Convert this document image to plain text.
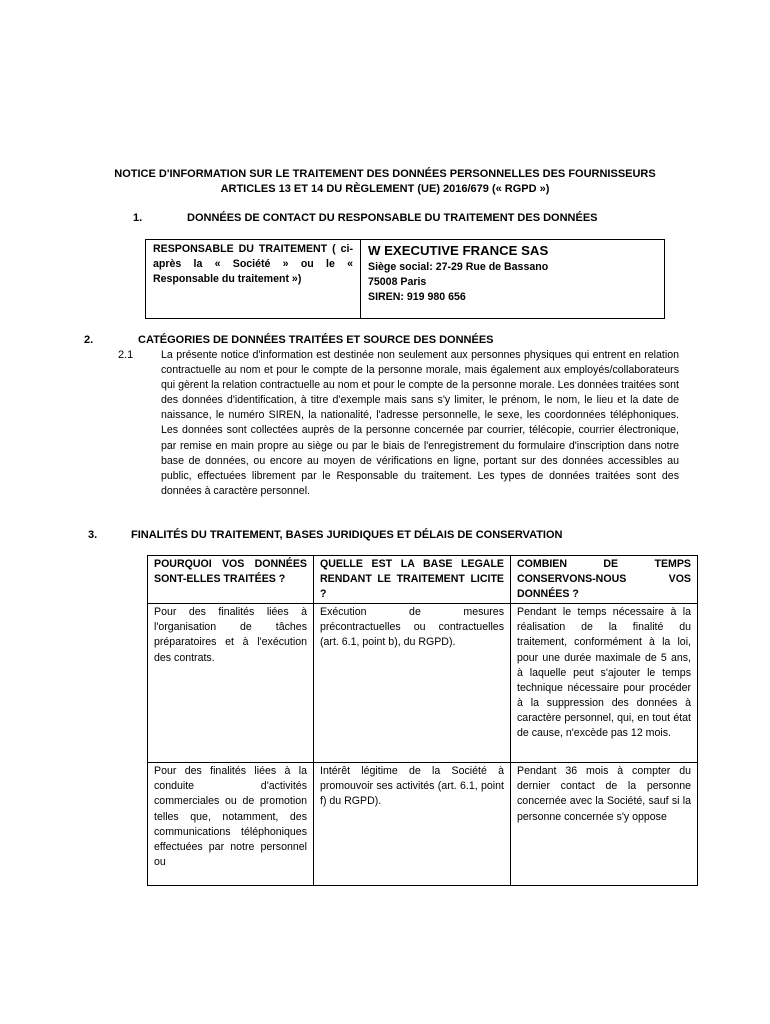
NOTICE D'INFORMATION SUR LE TRAITEMENT DES DONNÉES PERSONNELLES DES FOURNISSEURS
ARTICLES 13 ET 14 DU RÈGLEMENT (UE) 2016/679 (« RGPD »)
1.	DONNÉES DE CONTACT DU RESPONSABLE DU TRAITEMENT DES DONNÉES
RESPONSABLE DU TRAITEMENT ( ci-après la « Société » ou le « Responsable du traitement »)	
W EXECUTIVE FRANCE SAS
Siège social: 27-29 Rue de Bassano
75008 Paris
SIREN: 919 980 656
2.	CATÉGORIES DE DONNÉES TRAITÉES ET SOURCE DES DONNÉES
2.1	La présente notice d'information est destinée non seulement aux personnes physiques qui entrent en relation contractuelle au nom et pour le compte de la personne morale, mais également aux employés/collaborateurs qui gèrent la relation contractuelle au nom et pour le compte de la personne morale. Les données traitées sont des données d'identification, à titre d'exemple mais sans s'y limiter, le prénom, le nom, le lieu et la date de naissance, le numéro SIREN, la nationalité, l'adresse personnelle, le sexe, les coordonnées téléphoniques. Les données sont collectées auprès de la personne concernée par courrier, télécopie, courrier électronique, par remise en main propre au siège ou par le biais de l'enregistrement du formulaire d'inscription dans notre base de données, ou encore au moyen de vérifications en ligne, portant sur des données accessibles au public, effectuées librement par le Responsable du traitement. Les types de données traitées sont des données à caractère personnel.
3.	FINALITÉS DU TRAITEMENT, BASES JURIDIQUES ET DÉLAIS DE CONSERVATION
POURQUOI VOS DONNÉES SONT-ELLES TRAITÉES ?	QUELLE EST LA BASE LEGALE RENDANT LE TRAITEMENT LICITE ?	COMBIEN DE TEMPS CONSERVONS-NOUS VOS DONNÉES ?
Pour des finalités liées à l'organisation de tâches préparatoires et à l'exécution des contrats.	Exécution de mesures précontractuelles ou contractuelles (art. 6.1, point b), du RGPD).	Pendant le temps nécessaire à la réalisation de la finalité du traitement, conformément à la loi, pour une durée maximale de 5 ans, à laquelle peut s'ajouter le temps technique nécessaire pour procéder à la suppression des données à caractère personnel, qui, en tout état de cause, n'excède pas 12 mois.

Pour des finalités liées à la conduite d'activités commerciales ou de promotion telles que, notamment, des communications téléphoniques effectuées par notre personnel ou	Intérêt légitime de la Société à promouvoir ses activités (art. 6.1, point f) du RGPD).	Pendant 36 mois à compter du dernier contact de la personne concernée avec la Société, sauf si la personne concernée s'y oppose
